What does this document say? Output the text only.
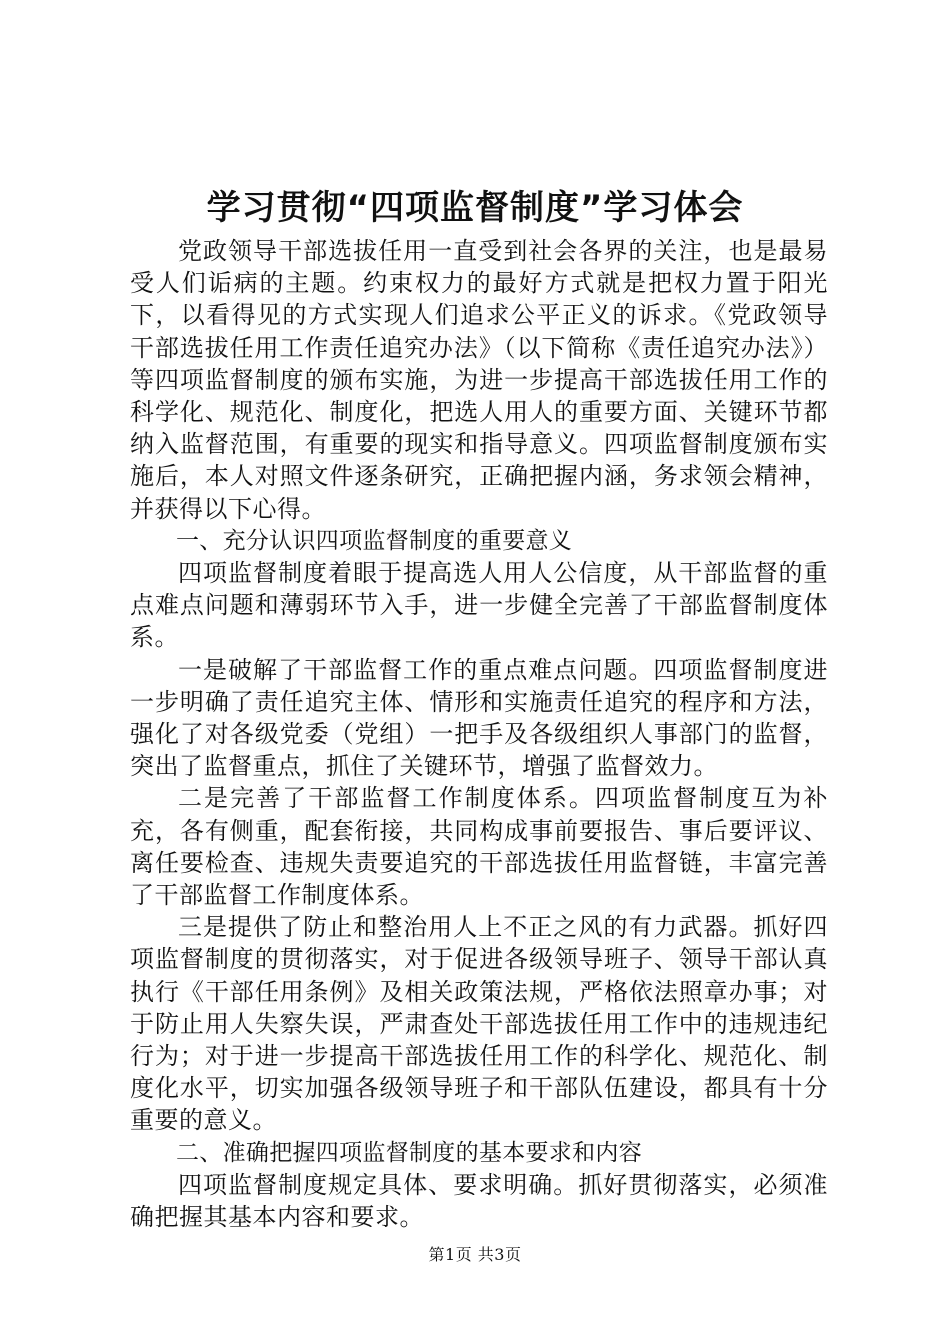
学习贯彻“四项监督制度”学习体会

党政领导干部选拔任用一直受到社会各界的关注，也是最易受人们诟病的主题。约束权力的最好方式就是把权力置于阳光下，以看得见的方式实现人们追求公平正义的诉求。《党政领导干部选拔任用工作责任追究办法》（以下简称《责任追究办法》）等四项监督制度的颁布实施，为进一步提高干部选拔任用工作的科学化、规范化、制度化，把选人用人的重要方面、关键环节都纳入监督范围，有重要的现实和指导意义。四项监督制度颁布实施后，本人对照文件逐条研究，正确把握内涵，务求领会精神，并获得以下心得。

一、充分认识四项监督制度的重要意义

四项监督制度着眼于提高选人用人公信度，从干部监督的重点难点问题和薄弱环节入手，进一步健全完善了干部监督制度体系。

一是破解了干部监督工作的重点难点问题。四项监督制度进一步明确了责任追究主体、情形和实施责任追究的程序和方法，强化了对各级党委（党组）一把手及各级组织人事部门的监督，突出了监督重点，抓住了关键环节，增强了监督效力。

二是完善了干部监督工作制度体系。四项监督制度互为补充，各有侧重，配套衔接，共同构成事前要报告、事后要评议、离任要检查、违规失责要追究的干部选拔任用监督链，丰富完善了干部监督工作制度体系。

三是提供了防止和整治用人上不正之风的有力武器。抓好四项监督制度的贯彻落实，对于促进各级领导班子、领导干部认真执行《干部任用条例》及相关政策法规，严格依法照章办事；对于防止用人失察失误，严肃查处干部选拔任用工作中的违规违纪行为；对于进一步提高干部选拔任用工作的科学化、规范化、制度化水平，切实加强各级领导班子和干部队伍建设，都具有十分重要的意义。

二、准确把握四项监督制度的基本要求和内容

四项监督制度规定具体、要求明确。抓好贯彻落实，必须准确把握其基本内容和要求。

第1页 共3页
